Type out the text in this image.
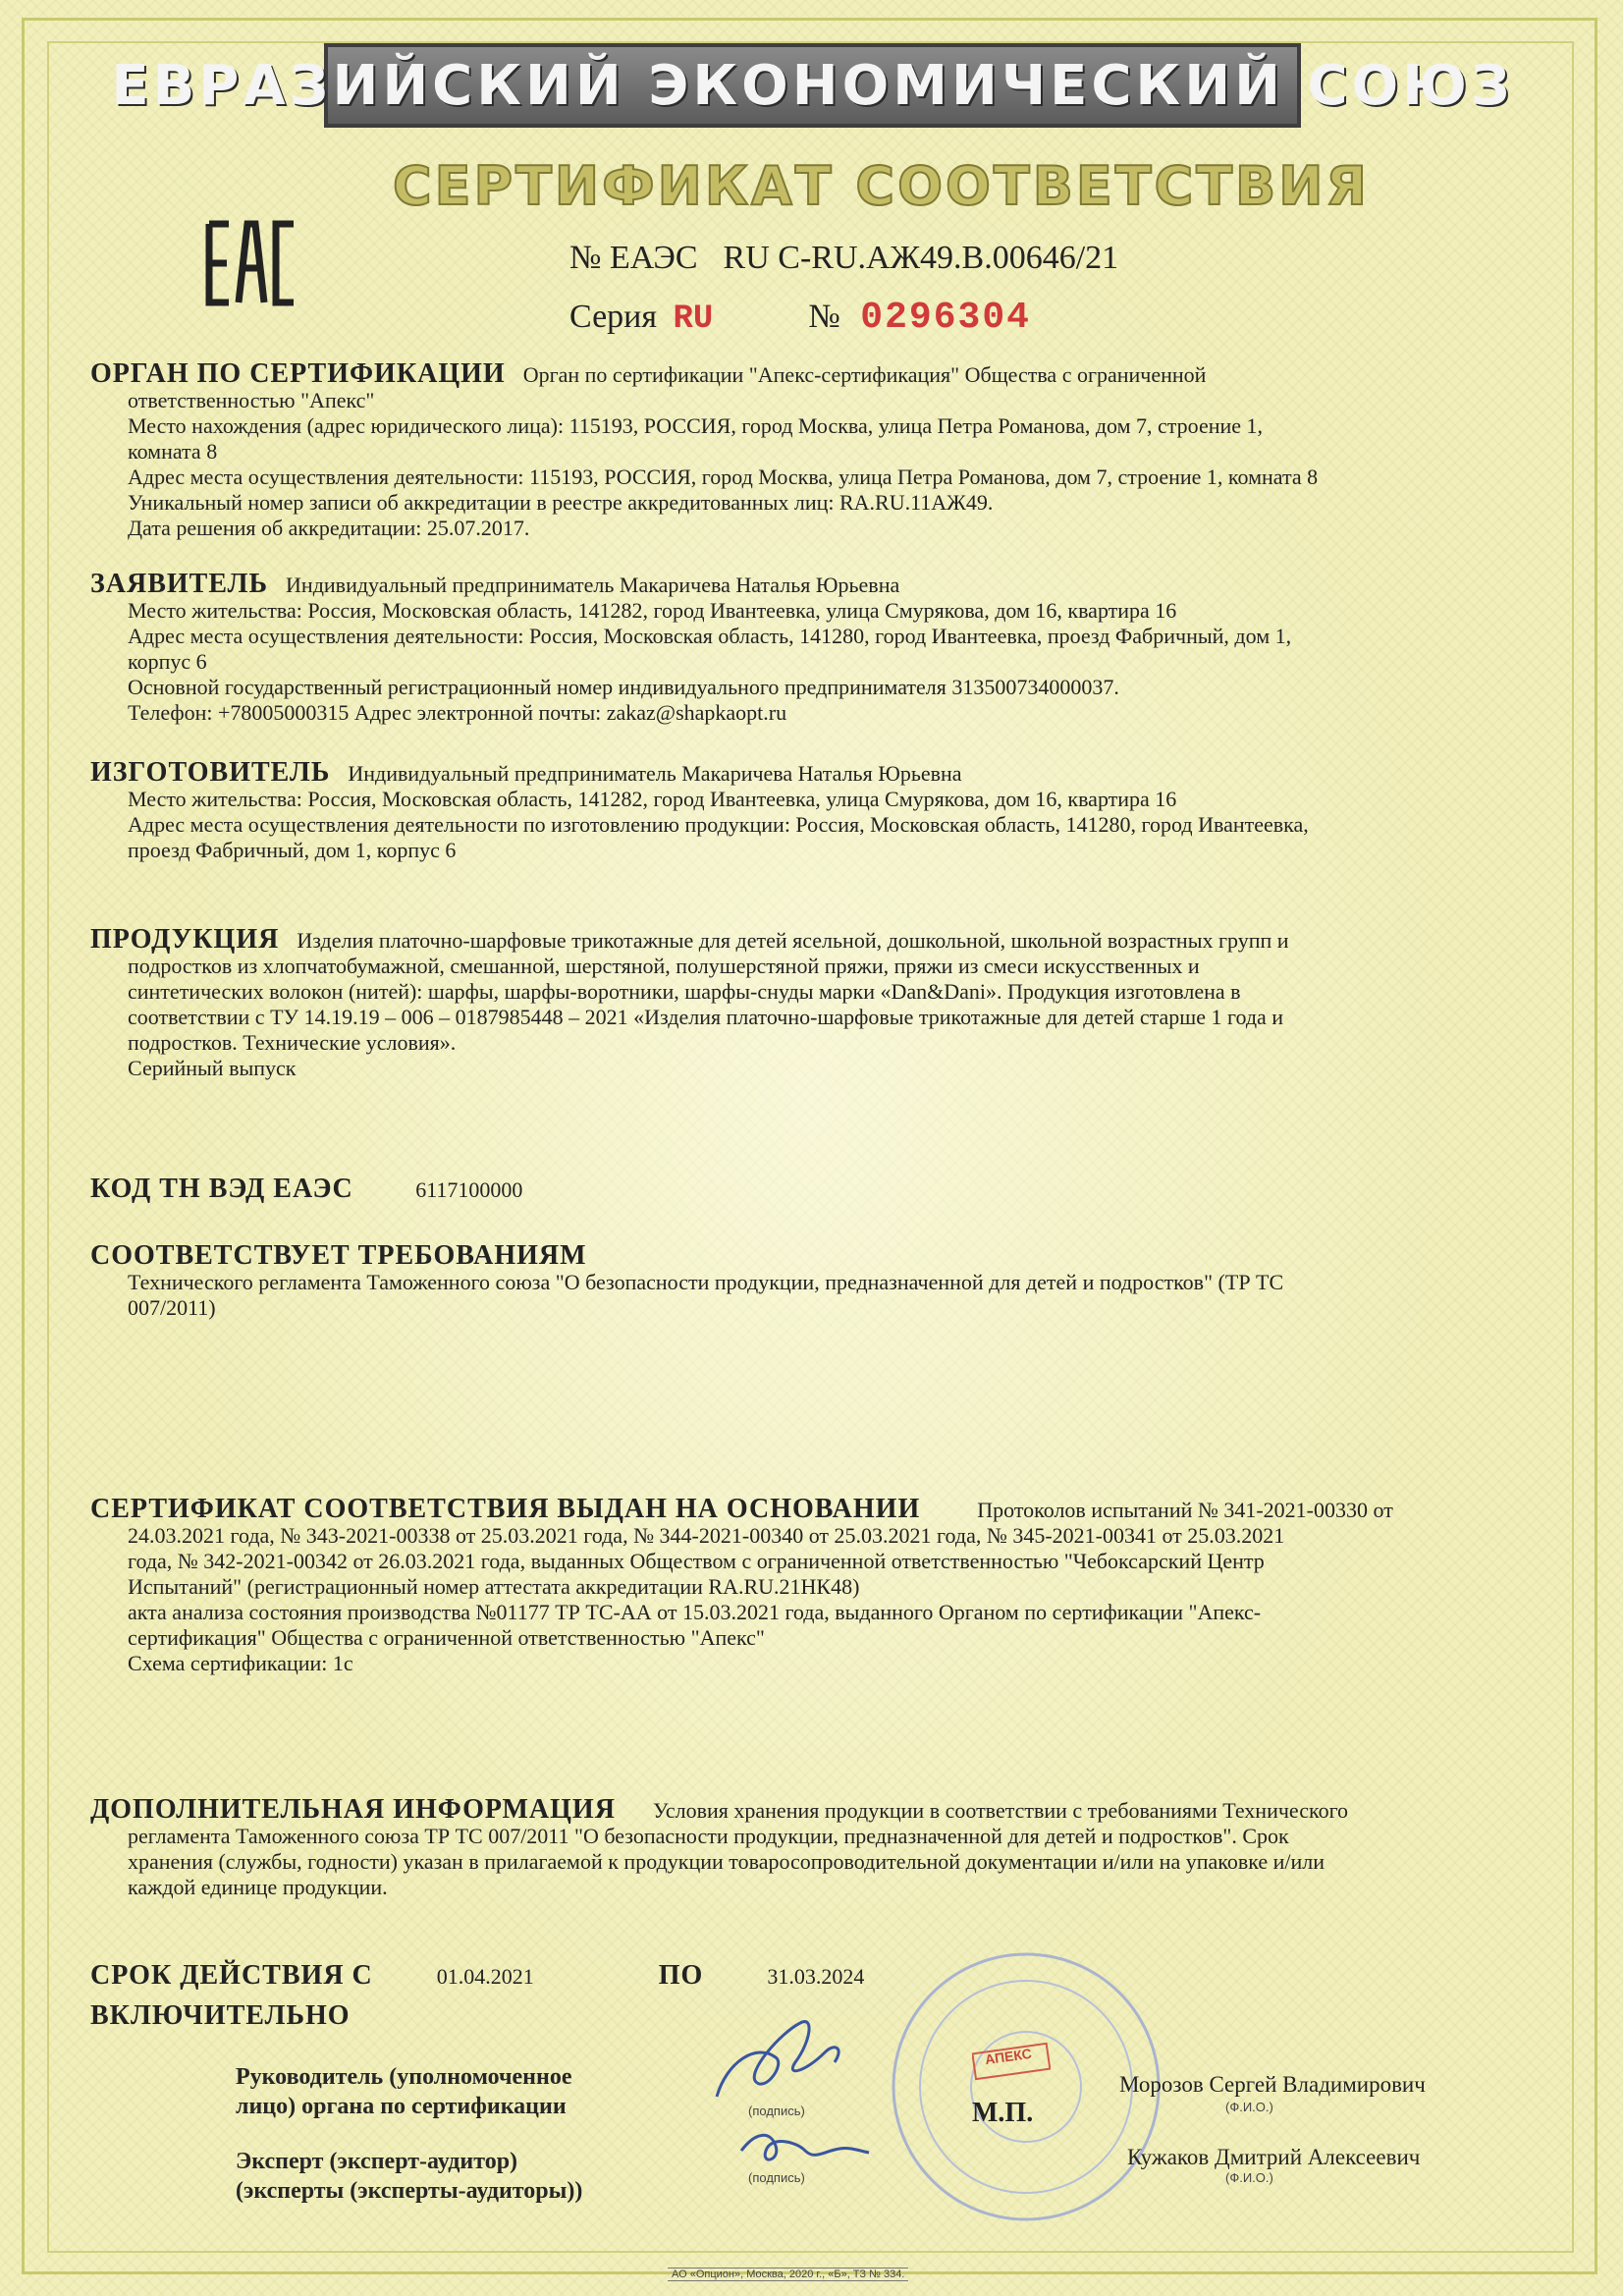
ЕВРАЗИЙСКИЙ ЭКОНОМИЧЕСКИЙ СОЮЗ
СЕРТИФИКАТ СООТВЕТСТВИЯ
№ ЕАЭС RU C-RU.АЖ49.В.00646/21
Серия RU	№ 0296304
ОРГАН ПО СЕРТИФИКАЦИИ Орган по сертификации "Апекс-сертификация" Общества с ограниченной
ответственностью "Апекс"
Место нахождения (адрес юридического лица): 115193, РОССИЯ, город Москва, улица Петра Романова, дом 7, строение 1,
комната 8
Адрес места осуществления деятельности: 115193, РОССИЯ, город Москва, улица Петра Романова, дом 7, строение 1, комната 8
Уникальный номер записи об аккредитации в реестре аккредитованных лиц: RA.RU.11АЖ49.
Дата решения об аккредитации: 25.07.2017.
ЗАЯВИТЕЛЬ Индивидуальный предприниматель Макаричева Наталья Юрьевна
Место жительства: Россия, Московская область, 141282, город Ивантеевка, улица Смурякова, дом 16, квартира 16
Адрес места осуществления деятельности: Россия, Московская область, 141280, город Ивантеевка, проезд Фабричный, дом 1,
корпус 6
Основной государственный регистрационный номер индивидуального предпринимателя 313500734000037.
Телефон: +78005000315 Адрес электронной почты: zakaz@shapkaopt.ru
ИЗГОТОВИТЕЛЬ Индивидуальный предприниматель Макаричева Наталья Юрьевна
Место жительства: Россия, Московская область, 141282, город Ивантеевка, улица Смурякова, дом 16, квартира 16
Адрес места осуществления деятельности по изготовлению продукции: Россия, Московская область, 141280, город Ивантеевка,
проезд Фабричный, дом 1, корпус 6
ПРОДУКЦИЯ Изделия платочно-шарфовые трикотажные для детей ясельной, дошкольной, школьной возрастных групп и
подростков из хлопчатобумажной, смешанной, шерстяной, полушерстяной пряжи, пряжи из смеси искусственных и
синтетических волокон (нитей): шарфы, шарфы-воротники, шарфы-снуды марки «Dan&Dani». Продукция изготовлена в
соответствии с ТУ 14.19.19 – 006 – 0187985448 – 2021 «Изделия платочно-шарфовые трикотажные для детей старше 1 года и
подростков. Технические условия».
Серийный выпуск
КОД ТН ВЭД ЕАЭС	6117100000
СООТВЕТСТВУЕТ ТРЕБОВАНИЯМ
Технического регламента Таможенного союза "О безопасности продукции, предназначенной для детей и подростков" (ТР ТС
007/2011)
СЕРТИФИКАТ СООТВЕТСТВИЯ ВЫДАН НА ОСНОВАНИИ	Протоколов испытаний № 341-2021-00330 от
24.03.2021 года, № 343-2021-00338 от 25.03.2021 года, № 344-2021-00340 от 25.03.2021 года, № 345-2021-00341 от 25.03.2021
года, № 342-2021-00342 от 26.03.2021 года, выданных Обществом с ограниченной ответственностью "Чебоксарский Центр
Испытаний" (регистрационный номер аттестата аккредитации RA.RU.21НК48)
акта анализа состояния производства №01177 ТР ТС-АА от 15.03.2021 года, выданного Органом по сертификации "Апекс-
сертификация" Общества с ограниченной ответственностью "Апекс"
Схема сертификации: 1с
ДОПОЛНИТЕЛЬНАЯ ИНФОРМАЦИЯ Условия хранения продукции в соответствии с требованиями Технического
регламента Таможенного союза ТР ТС 007/2011 "О безопасности продукции, предназначенной для детей и подростков". Срок
хранения (службы, годности) указан в прилагаемой к продукции товаросопроводительной документации и/или на упаковке и/или
каждой единице продукции.
СРОК ДЕЙСТВИЯ С	01.04.2021	ПО	31.03.2024
ВКЛЮЧИТЕЛЬНО
АПЕКС
Руководитель (уполномоченное
лицо) органа по сертификации
Эксперт (эксперт-аудитор)
(эксперты (эксперты-аудиторы))
(подпись)
(подпись)
М.П.
Морозов Сергей Владимирович
(Ф.И.О.)
Кужаков Дмитрий Алексеевич
(Ф.И.О.)
АО «Опцион», Москва, 2020 г., «Б», ТЗ № 334.
